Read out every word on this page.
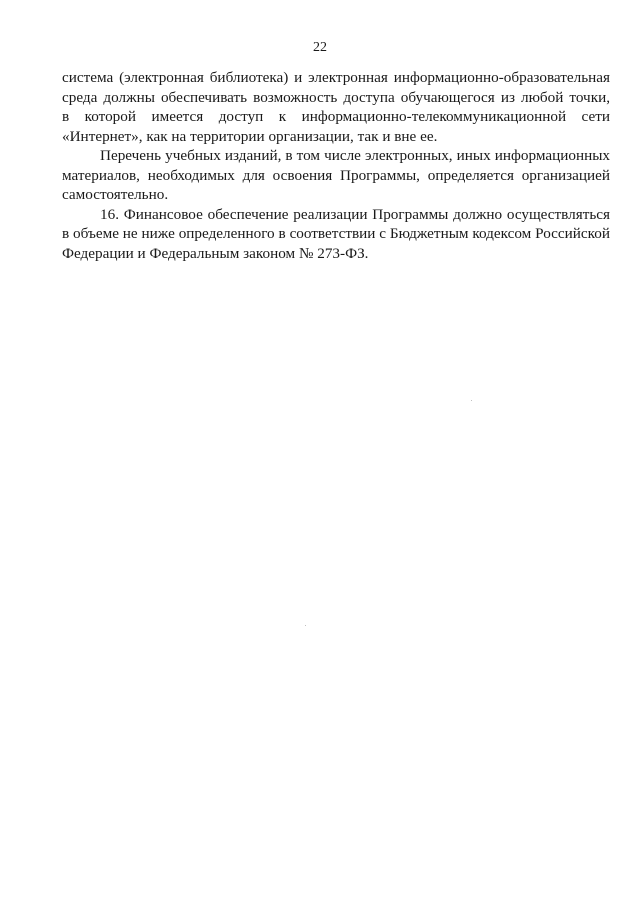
22
система (электронная библиотека) и электронная информационно-образовательная
среда должны обеспечивать возможность доступа обучающегося из любой точки,
в которой имеется доступ к информационно-телекоммуникационной сети
«Интернет», как на территории организации, так и вне ее.
Перечень учебных изданий, в том числе электронных, иных информационных
материалов, необходимых для освоения Программы, определяется организацией
самостоятельно.
16. Финансовое обеспечение реализации Программы должно осуществляться
в объеме не ниже определенного в соответствии с Бюджетным кодексом Российской
Федерации и Федеральным законом № 273-ФЗ.
